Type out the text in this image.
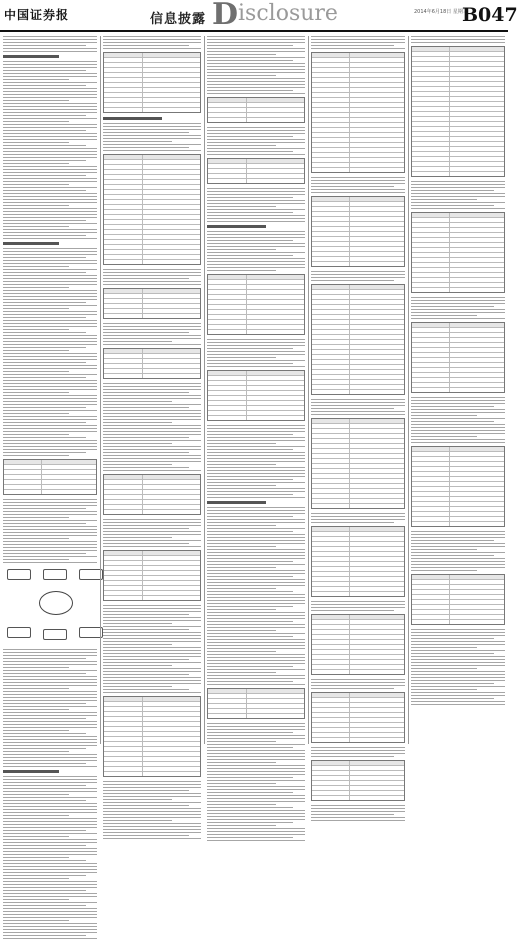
中国证券报	信息披露 Disclosure	2014年6月18日 星期三
B047
